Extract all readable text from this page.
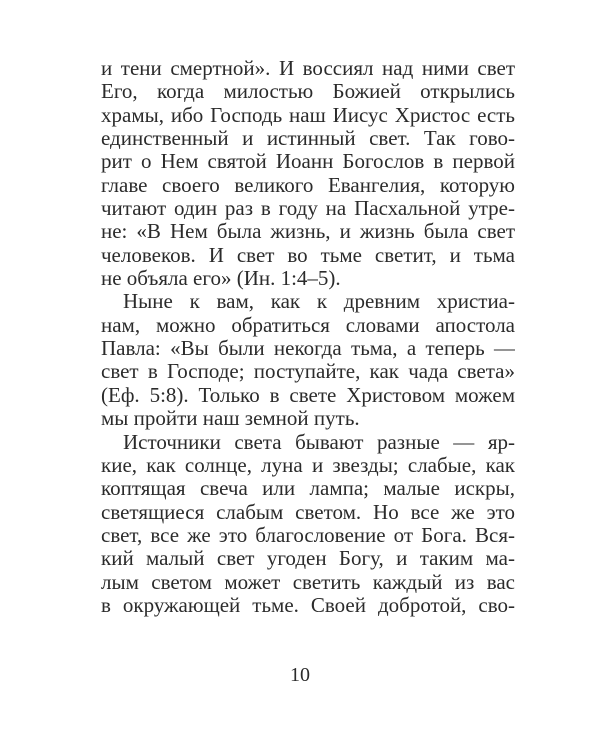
и тени смертной». И воссиял над ними свет
Его, когда милостью Божией открылись
храмы, ибо Господь наш Иисус Христос есть
единственный и истинный свет. Так гово-
рит о Нем святой Иоанн Богослов в первой
главе своего великого Евангелия, которую
читают один раз в году на Пасхальной утре-
не: «В Нем была жизнь, и жизнь была свет
человеков. И свет во тьме светит, и тьма
не объяла его» (Ин. 1:4–5).
Ныне к вам, как к древним христиа-
нам, можно обратиться словами апостола
Павла: «Вы были некогда тьма, а теперь —
свет в Господе; поступайте, как чада света»
(Еф. 5:8). Только в свете Христовом можем
мы пройти наш земной путь.
Источники света бывают разные — яр-
кие, как солнце, луна и звезды; слабые, как
коптящая свеча или лампа; малые искры,
светящиеся слабым светом. Но все же это
свет, все же это благословение от Бога. Вся-
кий малый свет угоден Богу, и таким ма-
лым светом может светить каждый из вас
в окружающей тьме. Своей добротой, сво-
10
